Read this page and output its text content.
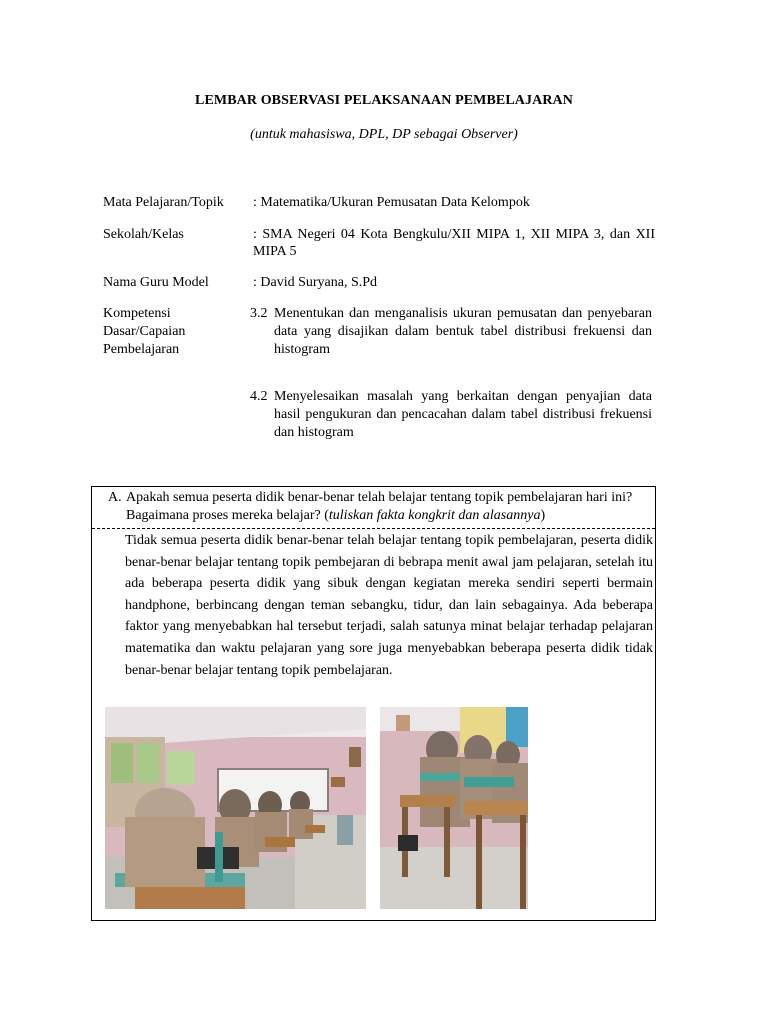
LEMBAR OBSERVASI PELAKSANAAN PEMBELAJARAN
(untuk mahasiswa, DPL, DP sebagai Observer)
Mata Pelajaran/Topik	: Matematika/Ukuran Pemusatan Data Kelompok
Sekolah/Kelas	: SMA Negeri 04 Kota Bengkulu/XII MIPA 1, XII MIPA 3, dan XII MIPA 5
Nama Guru Model	: David Suryana, S.Pd
Kompetensi
Dasar/Capaian
Pembelajaran
3.2 Menentukan dan menganalisis ukuran pemusatan dan penyebaran data yang disajikan dalam bentuk tabel distribusi frekuensi dan histogram
4.2 Menyelesaikan masalah yang berkaitan dengan penyajian data hasil pengukuran dan pencacahan dalam tabel distribusi frekuensi dan histogram
A. Apakah semua peserta didik benar-benar telah belajar tentang topik pembelajaran hari ini? Bagaimana proses mereka belajar? (tuliskan fakta kongkrit dan alasannya)
Tidak semua peserta didik benar-benar telah belajar tentang topik pembelajaran, peserta didik benar-benar belajar tentang topik pembejaran di bebrapa menit awal jam pelajaran, setelah itu ada beberapa peserta didik yang sibuk dengan kegiatan mereka sendiri seperti bermain handphone, berbincang dengan teman sebangku, tidur, dan lain sebagainya. Ada beberapa faktor yang menyebabkan hal tersebut terjadi, salah satunya minat belajar terhadap pelajaran matematika dan waktu pelajaran yang sore juga menyebabkan beberapa peserta didik tidak benar-benar belajar tentang topik pembelajaran.
